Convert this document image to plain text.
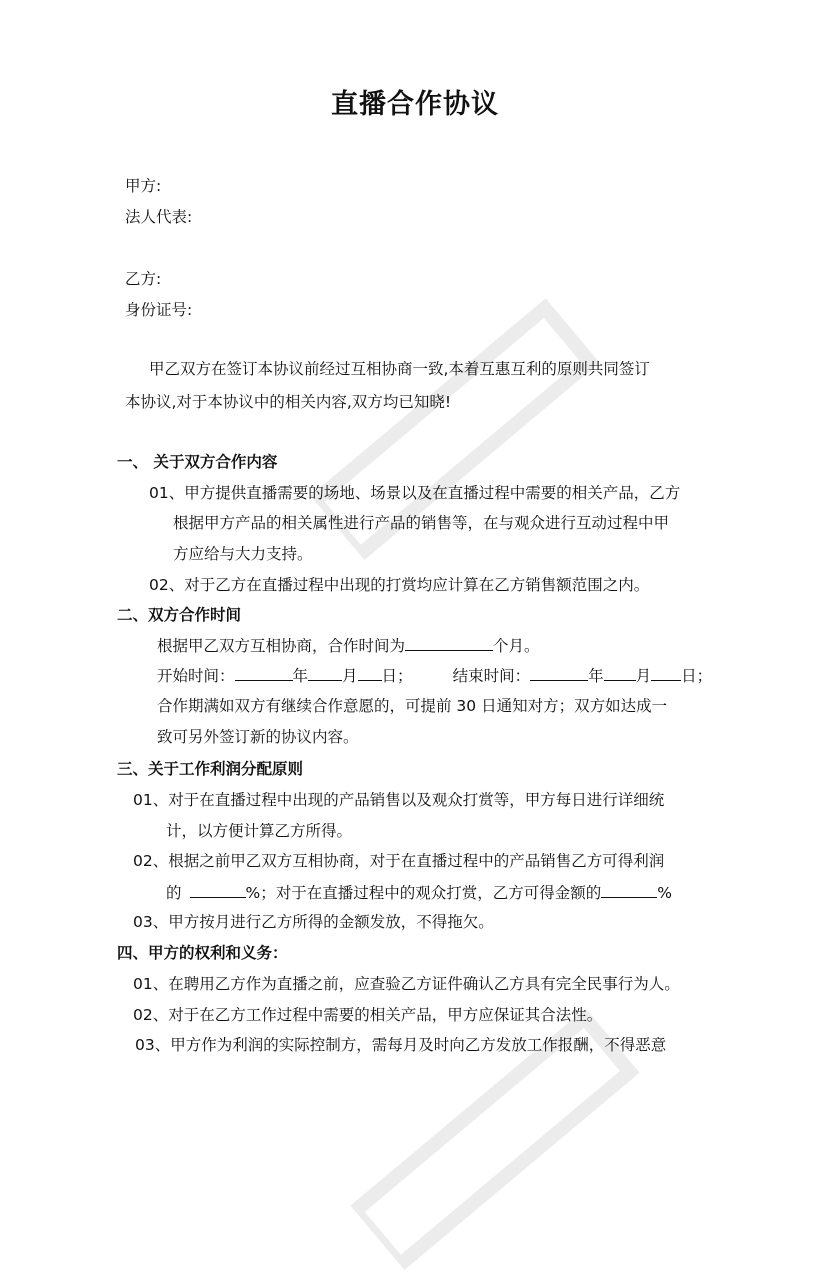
直播合作协议
甲方:
法人代表:
乙方:
身份证号:
甲乙双方在签订本协议前经过互相协商一致,本着互惠互利的原则共同签订
本协议,对于本协议中的相关内容,双方均已知晓!
一、 关于双方合作内容
01、甲方提供直播需要的场地、场景以及在直播过程中需要的相关产品，乙方
根据甲方产品的相关属性进行产品的销售等，在与观众进行互动过程中甲
方应给与大力支持。
02、对于乙方在直播过程中出现的打赏均应计算在乙方销售额范围之内。
二、双方合作时间
根据甲乙双方互相协商，合作时间为	个月。
开始时间：	年 月 日；	结束时间：	年 月 日；
合作期满如双方有继续合作意愿的，可提前 30 日通知对方；双方如达成一
致可另外签订新的协议内容。
三、关于工作利润分配原则
01、对于在直播过程中出现的产品销售以及观众打赏等，甲方每日进行详细统
计，以方便计算乙方所得。
02、根据之前甲乙双方互相协商，对于在直播过程中的产品销售乙方可得利润
的	%；对于在直播过程中的观众打赏，乙方可得金额的	%
03、甲方按月进行乙方所得的金额发放，不得拖欠。
四、甲方的权利和义务：
01、在聘用乙方作为直播之前，应查验乙方证件确认乙方具有完全民事行为人。
02、对于在乙方工作过程中需要的相关产品，甲方应保证其合法性。
03、甲方作为利润的实际控制方，需每月及时向乙方发放工作报酬，不得恶意
